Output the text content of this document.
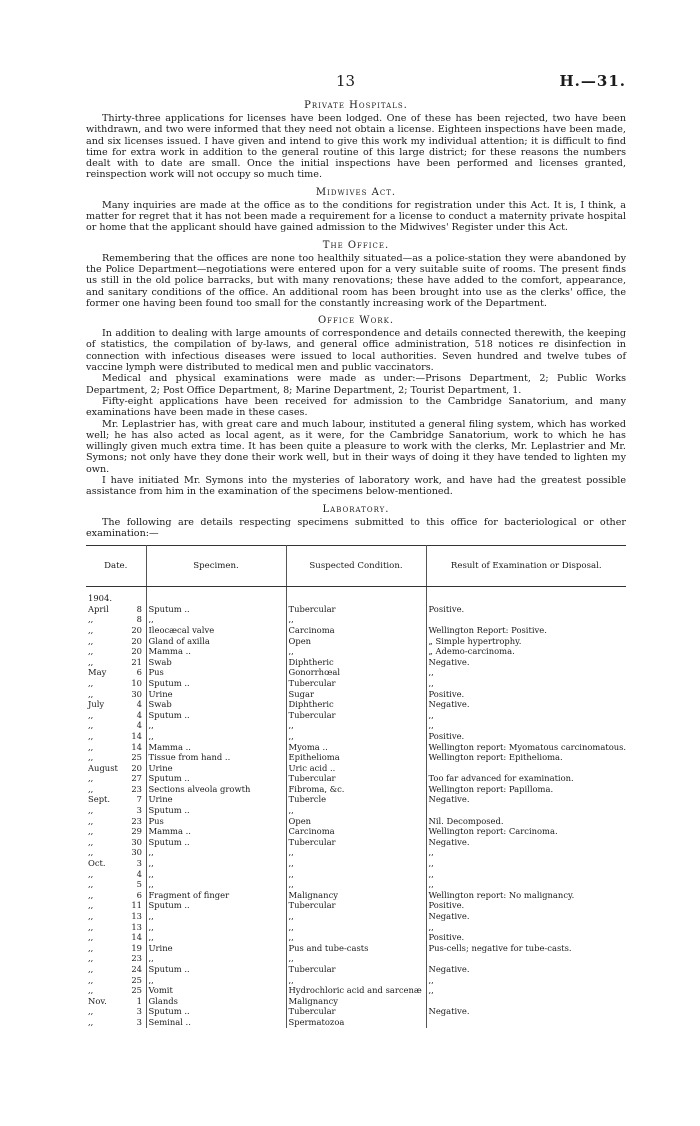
13	H.—31.
Private Hospitals.

Thirty-three applications for licenses have been lodged. One of these has been rejected, two have been withdrawn, and two were informed that they need not obtain a license. Eighteen inspections have been made, and six licenses issued. I have given and intend to give this work my individual attention; it is difficult to find time for extra work in addition to the general routine of this large district; for these reasons the numbers dealt with to date are small. Once the initial inspections have been performed and licenses granted, reinspection work will not occupy so much time.

Midwives Act.

Many inquiries are made at the office as to the conditions for registration under this Act. It is, I think, a matter for regret that it has not been made a requirement for a license to conduct a maternity private hospital or home that the applicant should have gained admission to the Midwives' Register under this Act.

The Office.

Remembering that the offices are none too healthily situated—as a police-station they were abandoned by the Police Department—negotiations were entered upon for a very suitable suite of rooms. The present finds us still in the old police barracks, but with many renovations; these have added to the comfort, appearance, and sanitary conditions of the office. An additional room has been brought into use as the clerks' office, the former one having been found too small for the constantly increasing work of the Department.

Office Work.

In addition to dealing with large amounts of correspondence and details connected therewith, the keeping of statistics, the compilation of by-laws, and general office administration, 518 notices re disinfection in connection with infectious diseases were issued to local authorities. Seven hundred and twelve tubes of vaccine lymph were distributed to medical men and public vaccinators.

Medical and physical examinations were made as under:—Prisons Department, 2; Public Works Department, 2; Post Office Department, 8; Marine Department, 2; Tourist Department, 1.

Fifty-eight applications have been received for admission to the Cambridge Sanatorium, and many examinations have been made in these cases.

Mr. Leplastrier has, with great care and much labour, instituted a general filing system, which has worked well; he has also acted as local agent, as it were, for the Cambridge Sanatorium, work to which he has willingly given much extra time. It has been quite a pleasure to work with the clerks, Mr. Leplastrier and Mr. Symons; not only have they done their work well, but in their ways of doing it they have tended to lighten my own.

I have initiated Mr. Symons into the mysteries of laboratory work, and have had the greatest possible assistance from him in the examination of the specimens below-mentioned.

Laboratory.

The following are details respecting specimens submitted to this office for bacteriological or other examination:—

Date.	Specimen.	Suspected Condition.	Result of Examination or Disposal.
1904.			
April 8	Sputum ..	Tubercular	Positive.
,, 8	,,	,,	
,, 20	Ileocæcal valve	Carcinoma	Wellington Report: Positive.
,, 20	Gland of axilla	Open	„ Simple hypertrophy.
,, 20	Mamma ..	,,	„ Ademo-carcinoma.
,, 21	Swab	Diphtheric	Negative.
May 6	Pus	Gonorrhœal	,,
,, 10	Sputum ..	Tubercular	,,
,, 30	Urine	Sugar	Positive.
July 4	Swab	Diphtheric	Negative.
,, 4	Sputum ..	Tubercular	,,
,, 4	,,	,,	,,
,, 14	,,	,,	Positive.
,, 14	Mamma ..	Myoma ..	Wellington report: Myomatous carcinomatous.
,, 25	Tissue from hand ..	Epithelioma	Wellington report: Epithelioma.
August 20	Urine	Uric acid ..	
,, 27	Sputum ..	Tubercular	Too far advanced for examination.
,, 23	Sections alveola growth	Fibroma, &c.	Wellington report: Papilloma.
Sept. 7	Urine	Tubercle	Negative.
,, 3	Sputum ..	,,	
,, 23	Pus	Open	Nil. Decomposed.
,, 29	Mamma ..	Carcinoma	Wellington report: Carcinoma.
,, 30	Sputum ..	Tubercular	Negative.
,, 30	,,	,,	,,
Oct. 3	,,	,,	,,
,, 4	,,	,,	,,
,, 5	,,	,,	,,
,, 6	Fragment of finger	Malignancy	Wellington report: No malignancy.
,, 11	Sputum ..	Tubercular	Positive.
,, 13	,,	,,	Negative.
,, 13	,,	,,	,,
,, 14	,,	,,	Positive.
,, 19	Urine	Pus and tube-casts	Pus-cells; negative for tube-casts.
,, 23	,,	,,	
,, 24	Sputum ..	Tubercular	Negative.
,, 25	,,	,,	,,
,, 25	Vomit	Hydrochloric acid and sarcenæ	,,
Nov. 1	Glands	Malignancy	
,, 3	Sputum ..	Tubercular	Negative.
,, 3	Seminal ..	Spermatozoa	
